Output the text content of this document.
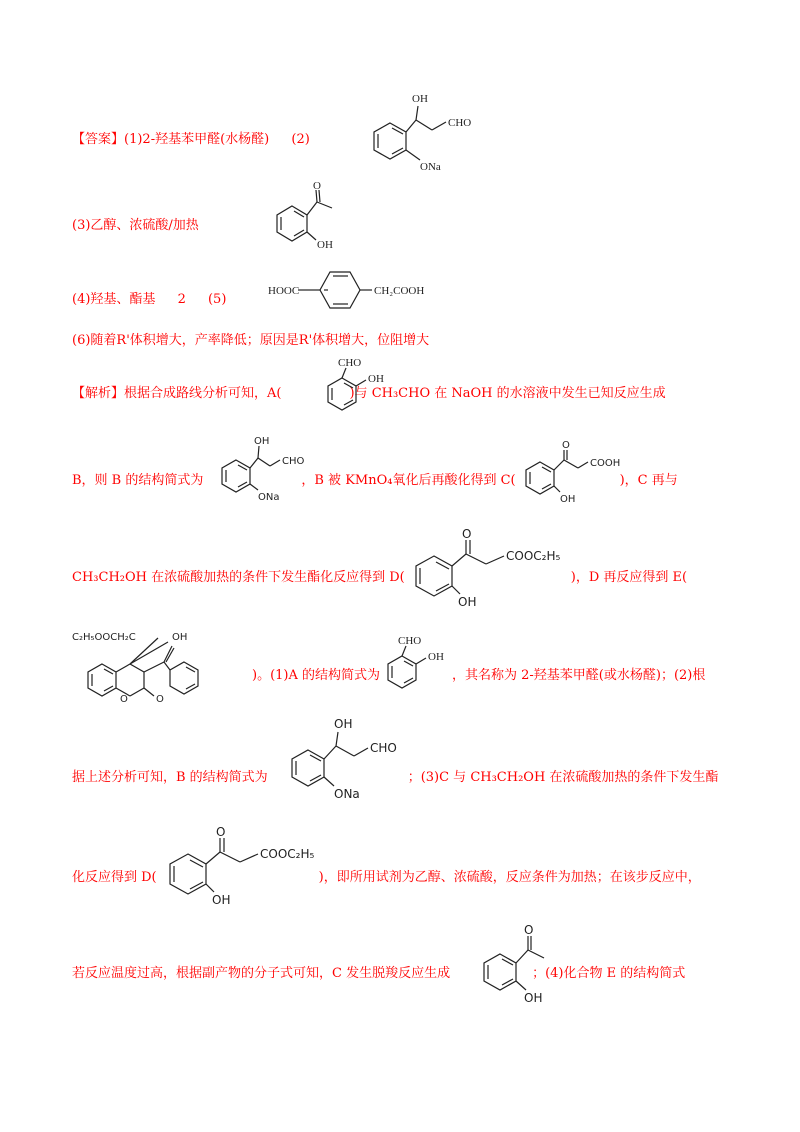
【答案】(1)2-羟基苯甲醛(水杨醛) (2)
OH
CHO
ONa
(3)乙醇、浓硫酸/加热
O
OH
(4)羟基、酯基 2 (5)
HOOC	CH₂COOH
(6)随着R'体积增大，产率降低；原因是R'体积增大，位阻增大
【解析】根据合成路线分析可知，A(	)与 CH₃CHO 在 NaOH 的水溶液中发生已知反应生成
CHO
OH
B，则 B 的结构简式为	，B 被 KMnO₄氧化后再酸化得到 C(	)，C 再与
OH
CHO
ONa
O
COOH
OH
CH₃CH₂OH 在浓硫酸加热的条件下发生酯化反应得到 D(	)，D 再反应得到 E(
O
COOC₂H₅
OH
C₂H₅OOCH₂C	OH
O	O
)。(1)A 的结构简式为	，其名称为 2-羟基苯甲醛(或水杨醛)；(2)根
CHO
OH
据上述分析可知，B 的结构简式为	；(3)C 与 CH₃CH₂OH 在浓硫酸加热的条件下发生酯
OH
CHO
ONa
化反应得到 D(	)，即所用试剂为乙醇、浓硫酸，反应条件为加热；在该步反应中，
O
COOC₂H₅
OH
若反应温度过高，根据副产物的分子式可知，C 发生脱羧反应生成	；(4)化合物 E 的结构简式
O
OH
